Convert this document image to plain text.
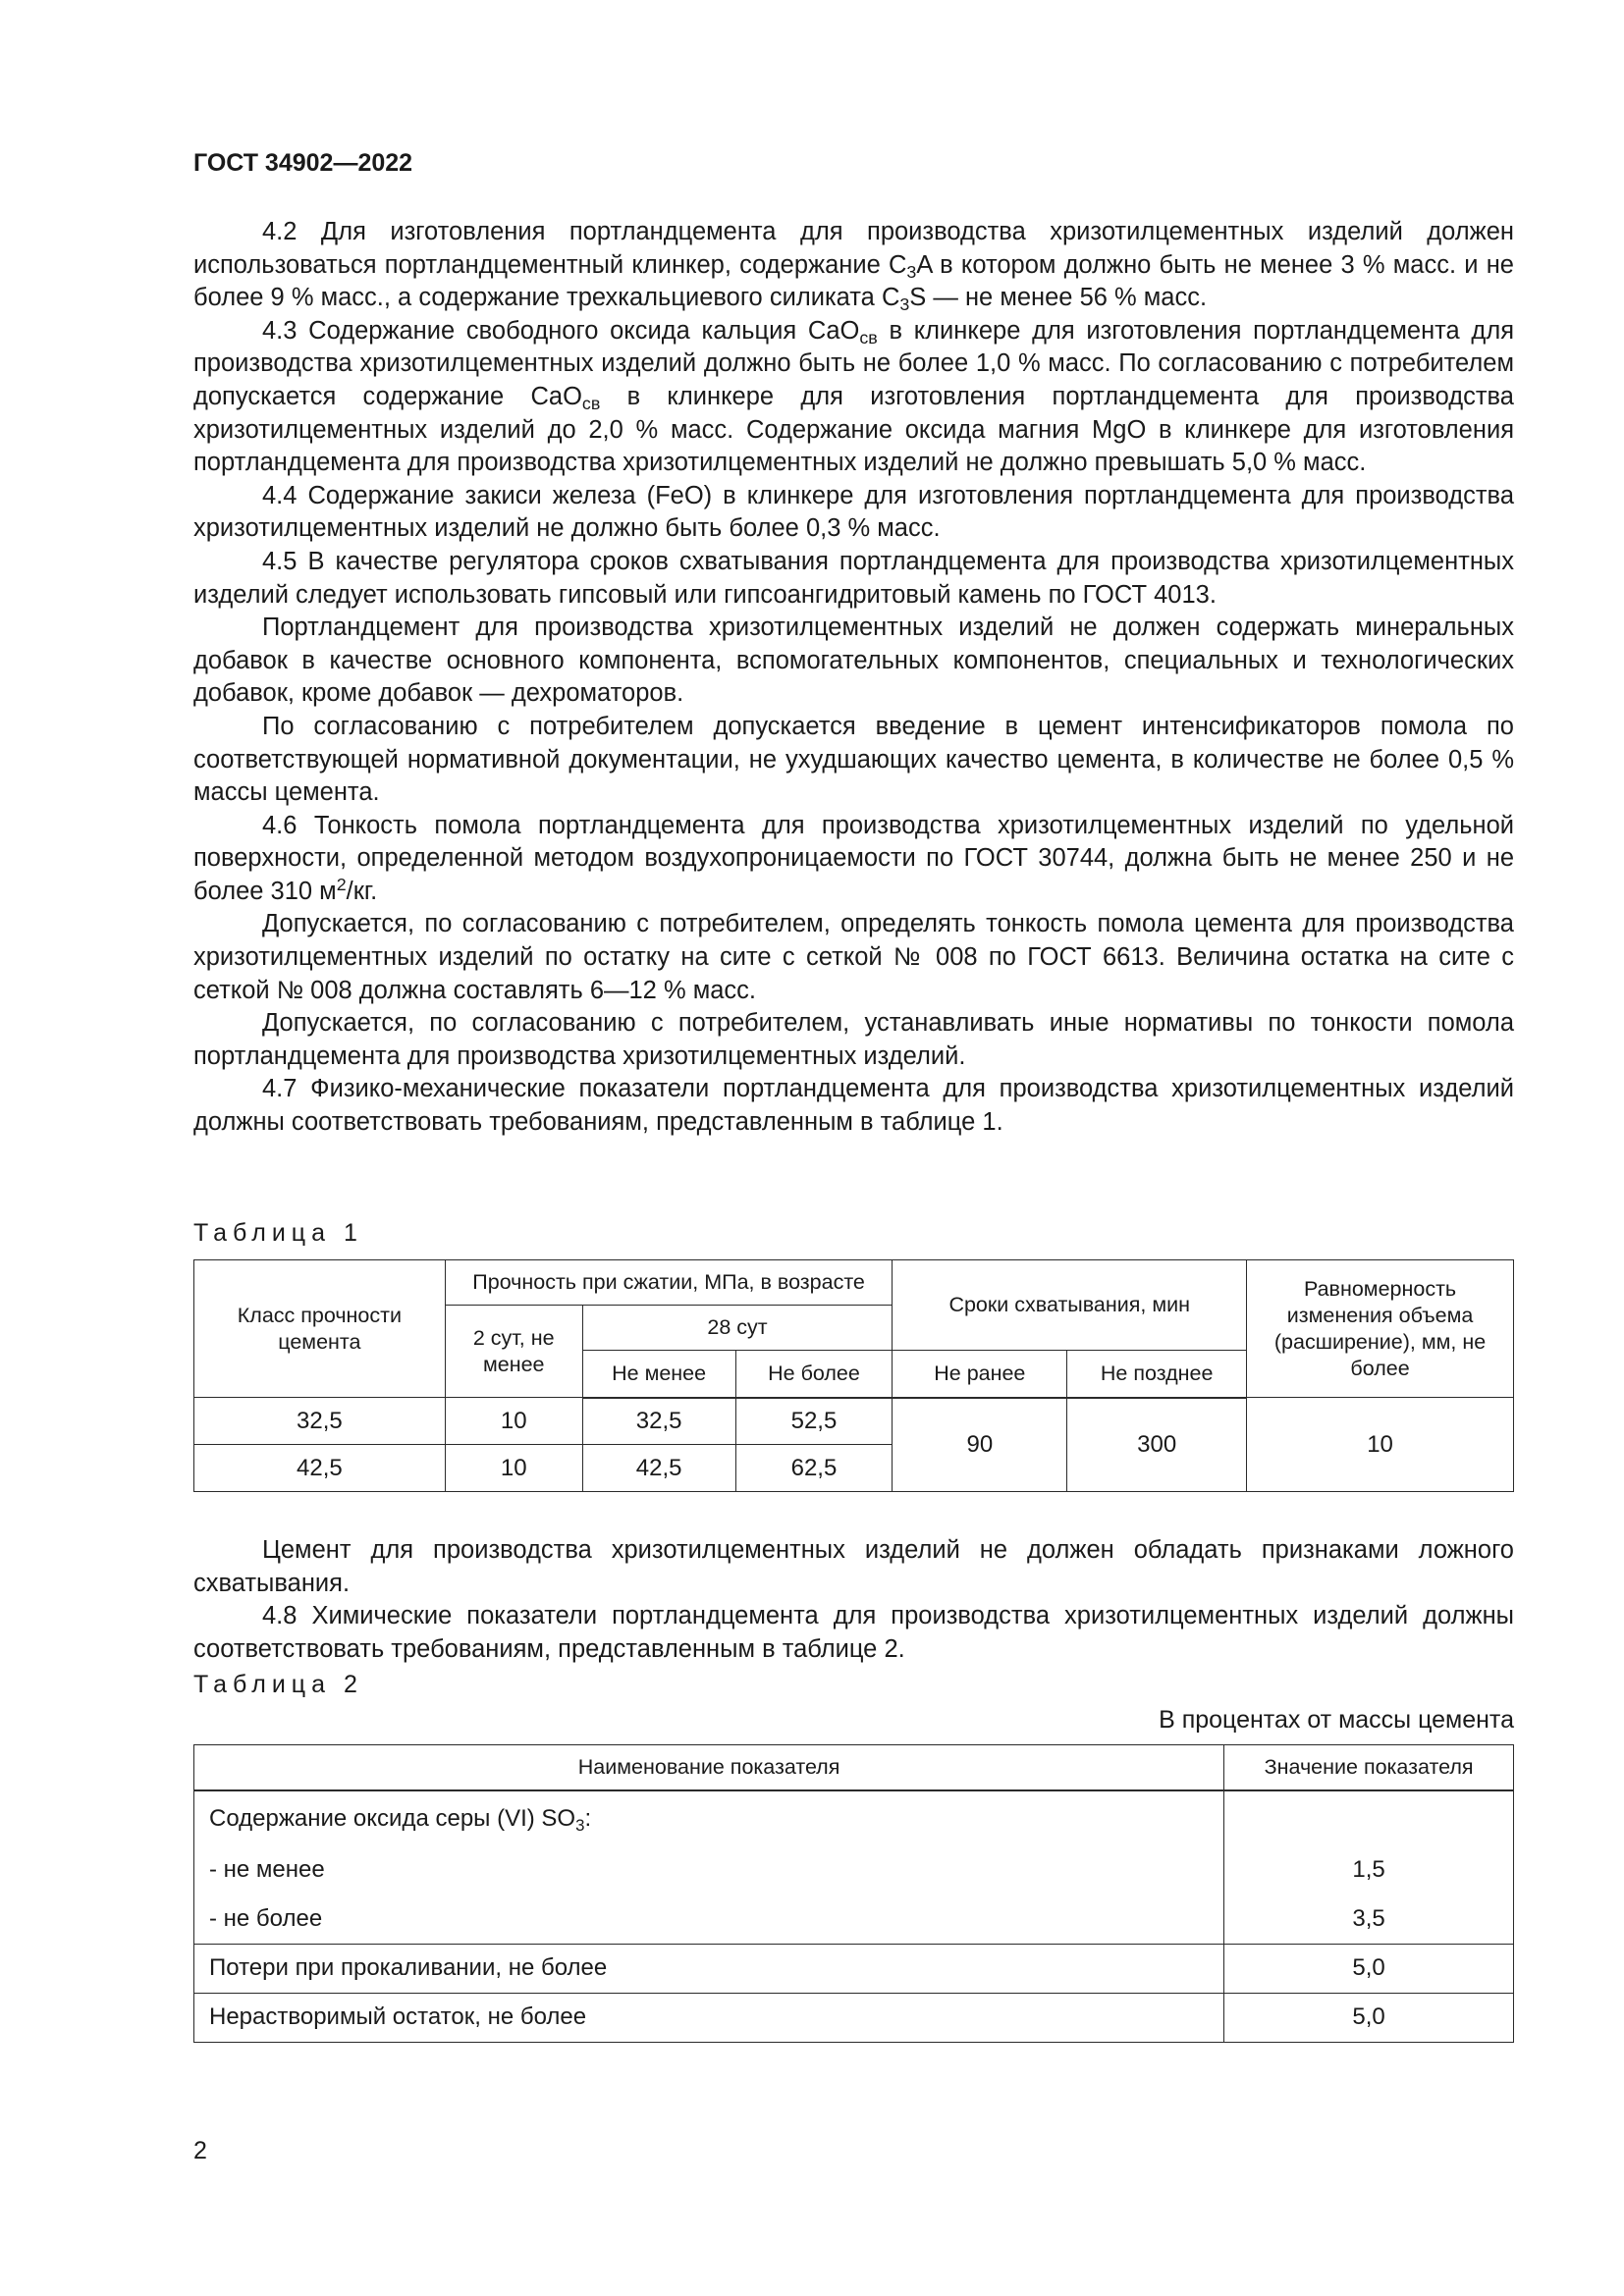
ГОСТ 34902—2022

4.2 Для изготовления портландцемента для производства хризотилцементных изделий должен использоваться портландцементный клинкер, содержание $C_3A$ в котором должно быть не менее 3 % масс. и не более 9 % масс., а содержание трехкальциевого силиката $C_3S$ — не менее 56 % масс.

4.3 Содержание свободного оксида кальция CaO$_{св}$ в клинкере для изготовления портландцемента для производства хризотилцементных изделий должно быть не более 1,0 % масс. По согласованию с потребителем допускается содержание CaO$_{св}$ в клинкере для изготовления портландцемента для производства хризотилцементных изделий до 2,0 % масс. Содержание оксида магния MgO в клинкере для изготовления портландцемента для производства хризотилцементных изделий не должно превышать 5,0 % масс.

4.4 Содержание закиси железа (FeO) в клинкере для изготовления портландцемента для производства хризотилцементных изделий не должно быть более 0,3 % масс.

4.5 В качестве регулятора сроков схватывания портландцемента для производства хризотилцементных изделий следует использовать гипсовый или гипсоангидритовый камень по ГОСТ 4013.

Портландцемент для производства хризотилцементных изделий не должен содержать минеральных добавок в качестве основного компонента, вспомогательных компонентов, специальных и технологических добавок, кроме добавок — дехроматоров.

По согласованию с потребителем допускается введение в цемент интенсификаторов помола по соответствующей нормативной документации, не ухудшающих качество цемента, в количестве не более 0,5 % массы цемента.

4.6 Тонкость помола портландцемента для производства хризотилцементных изделий по удельной поверхности, определенной методом воздухопроницаемости по ГОСТ 30744, должна быть не менее 250 и не более 310 $м^2/кг$.

Допускается, по согласованию с потребителем, определять тонкость помола цемента для производства хризотилцементных изделий по остатку на сите с сеткой № 008 по ГОСТ 6613. Величина остатка на сите с сеткой № 008 должна составлять 6—12 % масс.

Допускается, по согласованию с потребителем, устанавливать иные нормативы по тонкости помола портландцемента для производства хризотилцементных изделий.

4.7 Физико-механические показатели портландцемента для производства хризотилцементных изделий должны соответствовать требованиям, представленным в таблице 1.

Таблица 1
Класс прочности цемента	Прочность при сжатии, МПа, в возрасте			Сроки схватывания, мин		Равномерность изменения объема (расширение), мм, не более
	2 сут, не менее	28 сут				
		Не менее	Не более	Не ранее	Не позднее	
32,5	10	32,5	52,5	90	300	10
42,5	10	42,5	62,5			

Цемент для производства хризотилцементных изделий не должен обладать признаками ложного схватывания.

4.8 Химические показатели портландцемента для производства хризотилцементных изделий должны соответствовать требованиям, представленным в таблице 2.

Таблица 2
В процентах от массы цемента
Наименование показателя	Значение показателя
Содержание оксида серы (VI) $SO_3$:	
- не менее	1,5
- не более	3,5
Потери при прокаливании, не более	5,0
Нерастворимый остаток, не более	5,0
2
